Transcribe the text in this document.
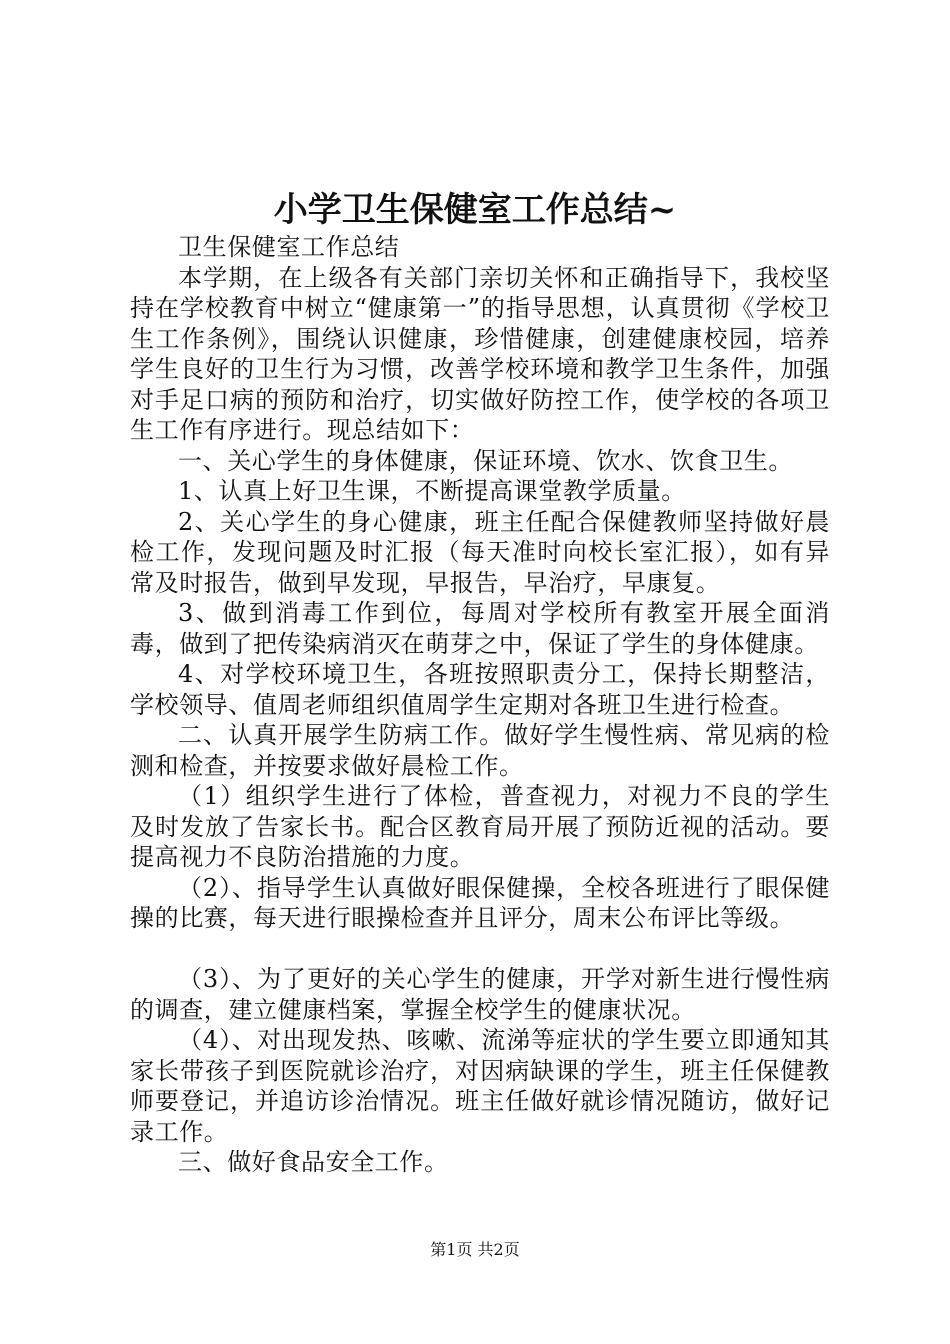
小学卫生保健室工作总结~

卫生保健室工作总结

本学期，在上级各有关部门亲切关怀和正确指导下，我校坚持在学校教育中树立“健康第一”的指导思想，认真贯彻《学校卫生工作条例》，围绕认识健康，珍惜健康，创建健康校园，培养学生良好的卫生行为习惯，改善学校环境和教学卫生条件，加强对手足口病的预防和治疗，切实做好防控工作，使学校的各项卫生工作有序进行。现总结如下：

一、关心学生的身体健康，保证环境、饮水、饮食卫生。

1、认真上好卫生课，不断提高课堂教学质量。

2、关心学生的身心健康，班主任配合保健教师坚持做好晨检工作，发现问题及时汇报（每天准时向校长室汇报），如有异常及时报告，做到早发现，早报告，早治疗，早康复。

3、做到消毒工作到位，每周对学校所有教室开展全面消毒，做到了把传染病消灭在萌芽之中，保证了学生的身体健康。

4、对学校环境卫生，各班按照职责分工，保持长期整洁，学校领导、值周老师组织值周学生定期对各班卫生进行检查。

二、认真开展学生防病工作。做好学生慢性病、常见病的检测和检查，并按要求做好晨检工作。

（1）组织学生进行了体检，普查视力，对视力不良的学生及时发放了告家长书。配合区教育局开展了预防近视的活动。要提高视力不良防治措施的力度。

（2）、指导学生认真做好眼保健操，全校各班进行了眼保健操的比赛，每天进行眼操检查并且评分，周末公布评比等级。

（3）、为了更好的关心学生的健康，开学对新生进行慢性病的调查，建立健康档案，掌握全校学生的健康状况。

（4）、对出现发热、咳嗽、流涕等症状的学生要立即通知其家长带孩子到医院就诊治疗，对因病缺课的学生，班主任保健教师要登记，并追访诊治情况。班主任做好就诊情况随访，做好记录工作。

三、做好食品安全工作。

第1页 共2页
